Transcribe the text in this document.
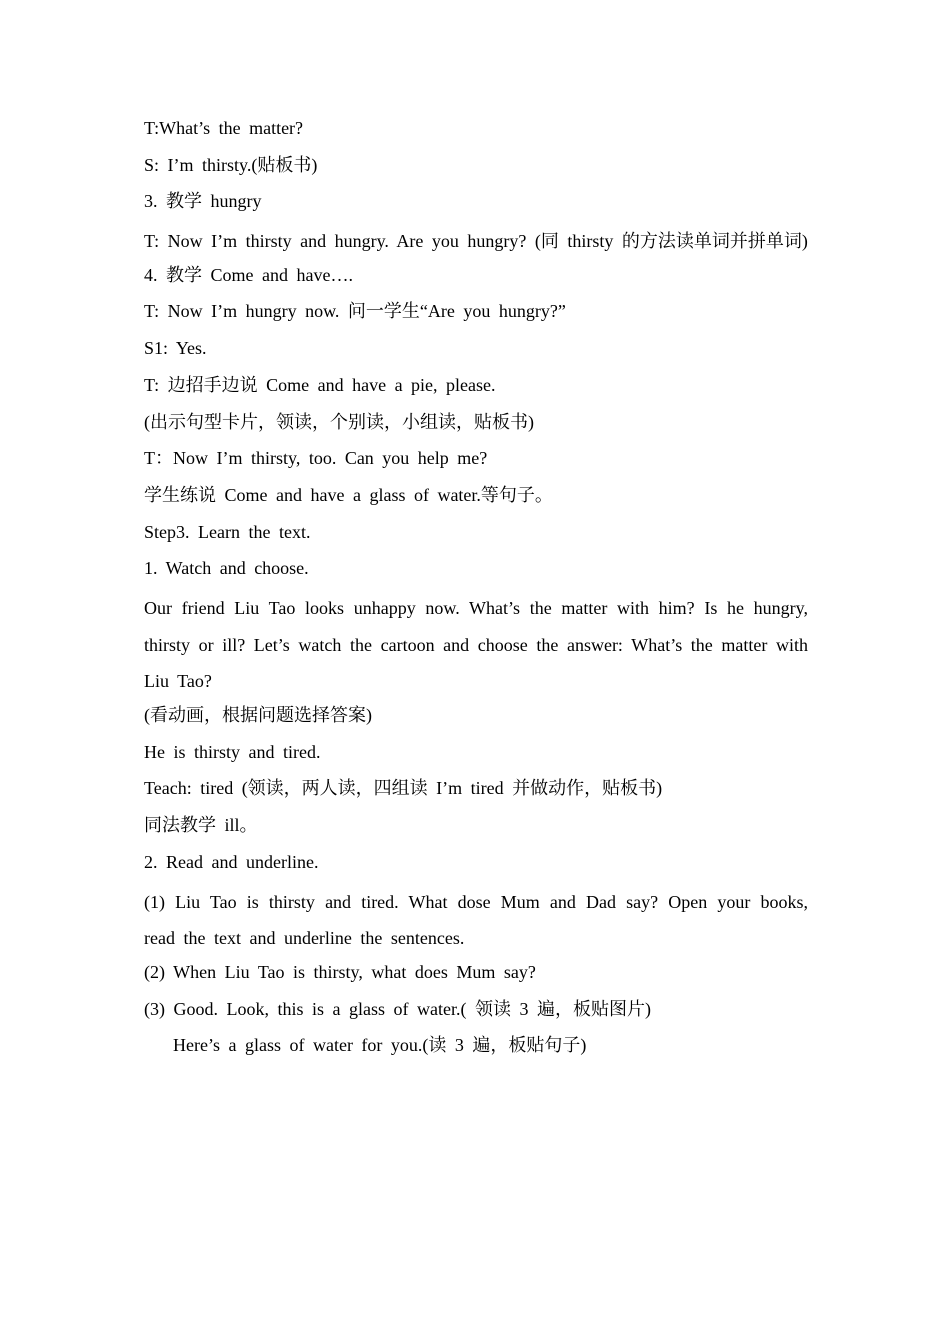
T:What’s the matter?
S: I’m thirsty.(贴板书)
3. 教学 hungry
T: Now I’m thirsty and hungry. Are you hungry? (同 thirsty 的方法读单词并拼单词)
4. 教学 Come and have….
T: Now I’m hungry now. 问一学生“Are you hungry?”
S1: Yes.
T: 边招手边说 Come and have a pie, please.
(出示句型卡片，领读，个别读，小组读，贴板书)
T：Now I’m thirsty, too. Can you help me?
学生练说 Come and have a glass of water.等句子。
Step3. Learn the text.
1. Watch and choose.
Our friend Liu Tao looks unhappy now. What’s the matter with him? Is he hungry, thirsty or ill? Let’s watch the cartoon and choose the answer: What’s the matter with Liu Tao?
(看动画，根据问题选择答案)
He is thirsty and tired.
Teach: tired (领读，两人读，四组读 I’m tired 并做动作，贴板书)
同法教学 ill。
2. Read and underline.
(1) Liu Tao is thirsty and tired. What dose Mum and Dad say? Open your books, read the text and underline the sentences.
(2) When Liu Tao is thirsty, what does Mum say?
(3) Good. Look, this is a glass of water.( 领读 3 遍，板贴图片)
Here’s a glass of water for you.(读 3 遍，板贴句子)
